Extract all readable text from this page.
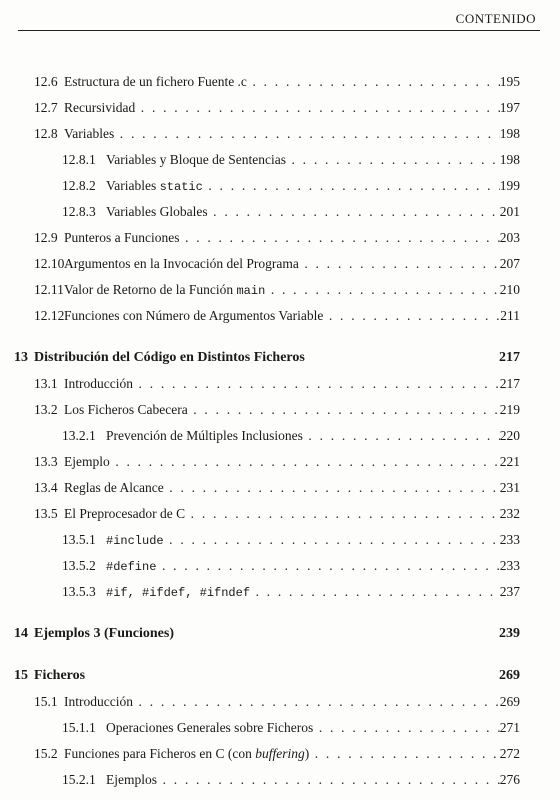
CONTENIDO
12.6 Estructura de un fichero Fuente .c . . .	195
12.7 Recursividad . . .	197
12.8 Variables . . .	198
12.8.1 Variables y Bloque de Sentencias . . .	198
12.8.2 Variables static . . .	199
12.8.3 Variables Globales . . .	201
12.9 Punteros a Funciones . . .	203
12.10 Argumentos en la Invocación del Programa . . .	207
12.11 Valor de Retorno de la Función main . . .	210
12.12 Funciones con Número de Argumentos Variable . . .	211
13 Distribución del Código en Distintos Ficheros	217
13.1 Introducción . . .	217
13.2 Los Ficheros Cabecera . . .	219
13.2.1 Prevención de Múltiples Inclusiones . . .	220
13.3 Ejemplo . . .	221
13.4 Reglas de Alcance . . .	231
13.5 El Preprocesador de C . . .	232
13.5.1 #include . . .	233
13.5.2 #define . . .	233
13.5.3 #if, #ifdef, #ifndef . . .	237
14 Ejemplos 3 (Funciones)	239
15 Ficheros	269
15.1 Introducción . . .	269
15.1.1 Operaciones Generales sobre Ficheros . . .	271
15.2 Funciones para Ficheros en C (con buffering) . . .	272
15.2.1 Ejemplos . . .	276
